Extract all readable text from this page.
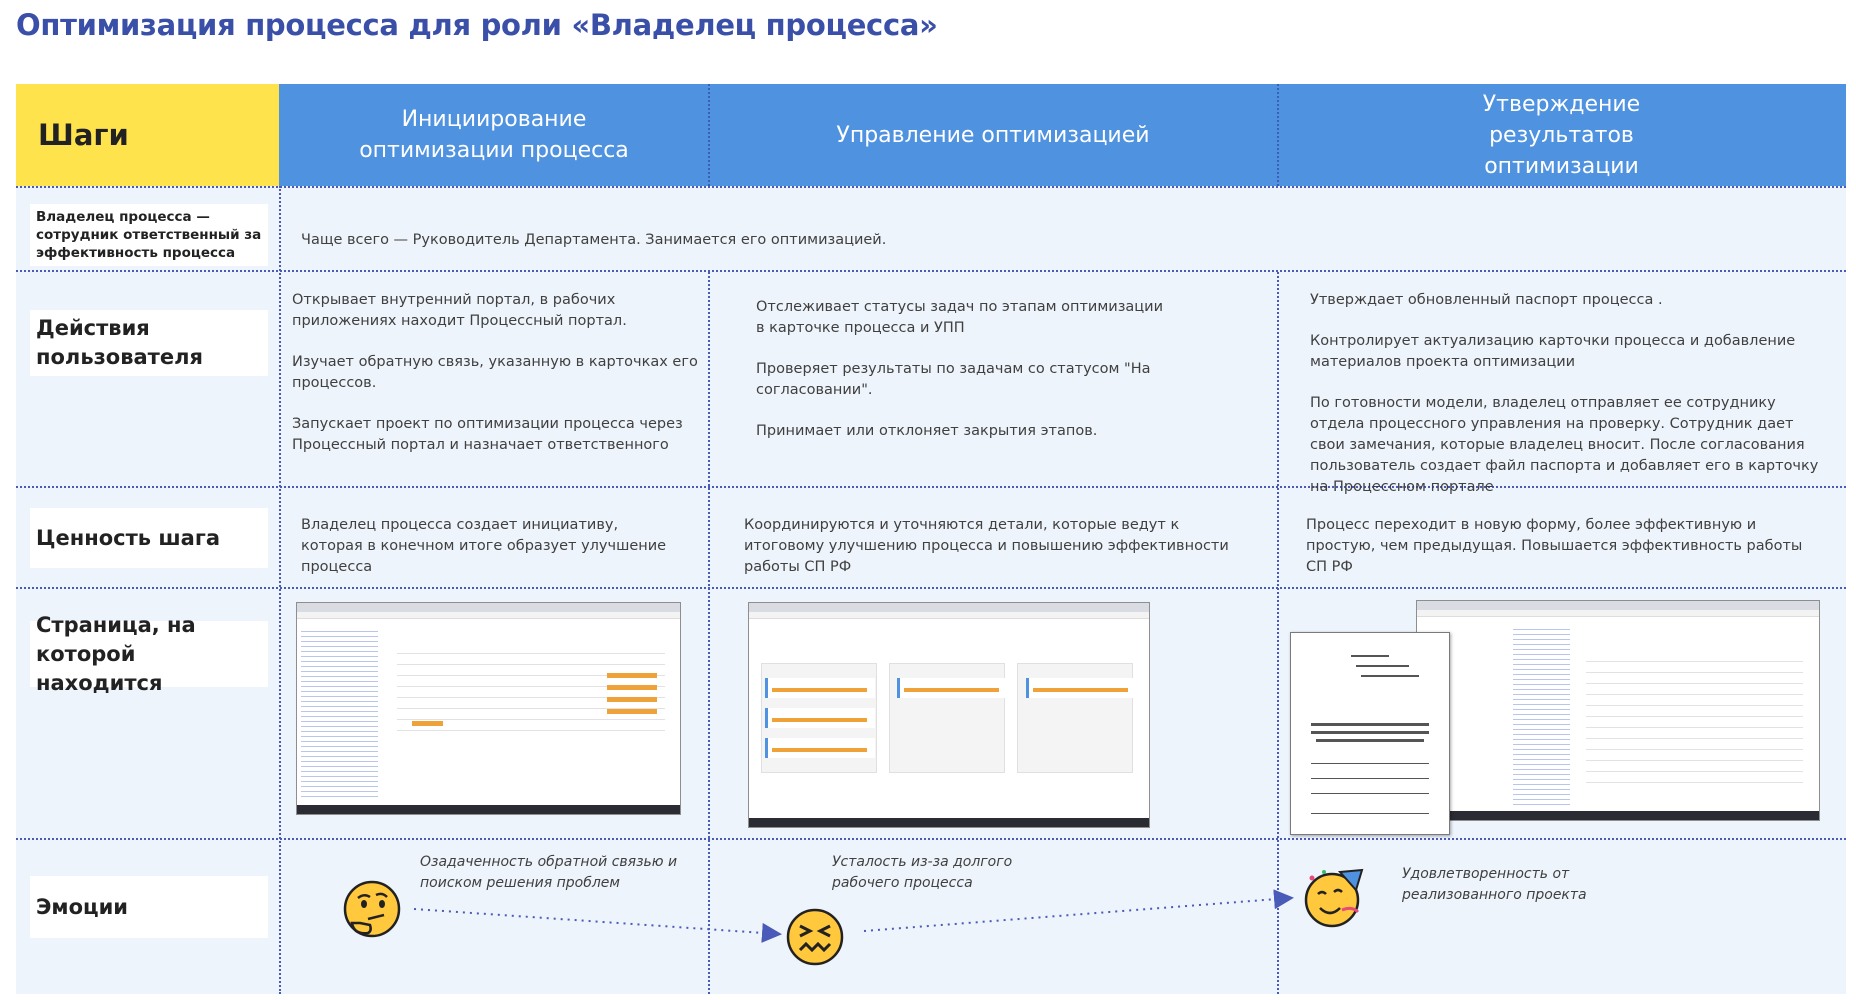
Оптимизация процесса для роли «Владелец процесса»
Шаги	Инициирование оптимизации процесса
Управление оптимизацией
Утверждение результатов оптимизации
Владелец процесса — сотрудник ответственный за эффективность процесса
Чаще всего — Руководитель Департамента. Занимается его оптимизацией.
Действия пользователя

Открывает внутренний портал, в рабочих приложениях находит Процессный портал.

Изучает обратную связь, указанную в карточках его процессов.

Запускает проект по оптимизации процесса через Процессный портал и назначает ответственного

Отслеживает статусы задач по этапам оптимизации в карточке процесса и УПП

Проверяет результаты по задачам со статусом "На согласовании".

Принимает или отклоняет закрытия этапов.

Утверждает обновленный паспорт процесса .

Контролирует актуализацию карточки процесса и добавление материалов проекта оптимизации

По готовности модели, владелец отправляет ее сотруднику отдела процессного управления на проверку. Сотрудник дает свои замечания, которые владелец вносит. После согласования пользователь создает файл паспорта и добавляет его в карточку на Процессном портале

Ценность шага
Владелец процесса создает инициативу, которая в конечном итоге образует улучшение процесса
Координируются и уточняются детали, которые ведут к итоговому улучшению процесса и повышению эффективности работы СП РФ
Процесс переходит в новую форму, более эффективную и простую, чем предыдущая. Повышается эффективность работы СП РФ
Страница, на которой находится
Эмоции
Озадаченность обратной связью и поиском решения проблем
Усталость из-за долгого рабочего процесса
Удовлетворенность от реализованного проекта
